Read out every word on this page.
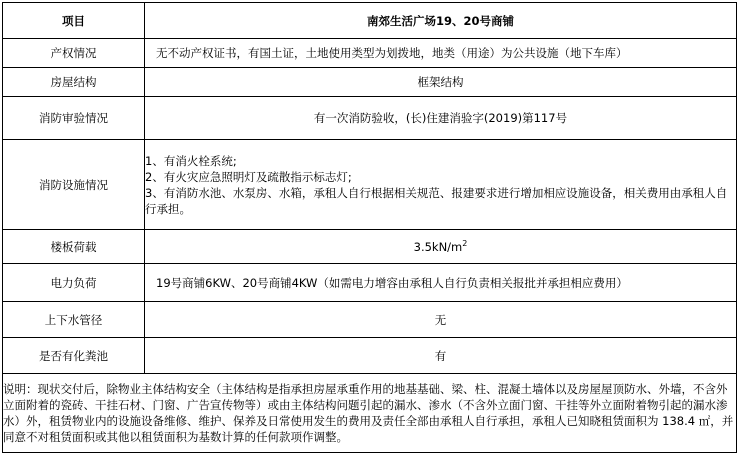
项目	南郊生活广场19、20号商铺
产权情况	无不动产权证书，有国土证，土地使用类型为划拨地，地类（用途）为公共设施（地下车库）
房屋结构	框架结构
消防审验情况	有一次消防验收，(长)住建消验字(2019)第117号
消防设施情况	1、有消火栓系统;
2、有火灾应急照明灯及疏散指示标志灯;
3、有消防水池、水泵房、水箱，承租人自行根据相关规范、报建要求进行增加相应设施设备，相关费用由承租人自行承担。

楼板荷载	$3.5kN/m^2$
电力负荷	19号商铺6KW、20号商铺4KW（如需电力增容由承租人自行负责相关报批并承担相应费用）
上下水管径	无
是否有化粪池	有
说明：现状交付后，除物业主体结构安全（主体结构是指承担房屋承重作用的地基基础、梁、柱、混凝土墙体以及房屋屋顶防水、外墙，不含外立面附着的瓷砖、干挂石材、门窗、广告宣传物等）或由主体结构问题引起的漏水、渗水（不含外立面门窗、干挂等外立面附着物引起的漏水渗水）外，租赁物业内的设施设备维修、维护、保养及日常使用发生的费用及责任全部由承租人自行承担，承租人已知晓租赁面积为 138.4 ㎡，并同意不对租赁面积或其他以租赁面积为基数计算的任何款项作调整。	
